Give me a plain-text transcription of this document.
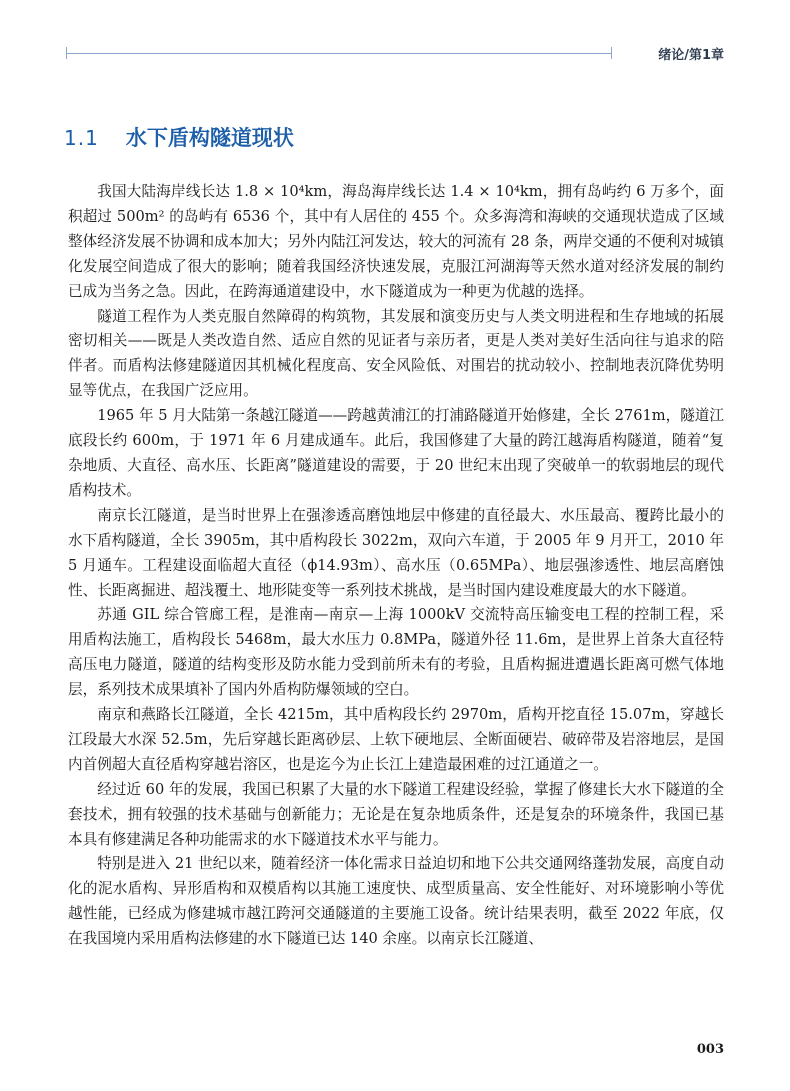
绪论/第1章
1.1 水下盾构隧道现状

我国大陆海岸线长达 1.8 × 10⁴km，海岛海岸线长达 1.4 × 10⁴km，拥有岛屿约 6 万多个，面积超过 500m² 的岛屿有 6536 个，其中有人居住的 455 个。众多海湾和海峡的交通现状造成了区域整体经济发展不协调和成本加大；另外内陆江河发达，较大的河流有 28 条，两岸交通的不便利对城镇化发展空间造成了很大的影响；随着我国经济快速发展，克服江河湖海等天然水道对经济发展的制约已成为当务之急。因此，在跨海通道建设中，水下隧道成为一种更为优越的选择。

隧道工程作为人类克服自然障碍的构筑物，其发展和演变历史与人类文明进程和生存地域的拓展密切相关——既是人类改造自然、适应自然的见证者与亲历者，更是人类对美好生活向往与追求的陪伴者。而盾构法修建隧道因其机械化程度高、安全风险低、对围岩的扰动较小、控制地表沉降优势明显等优点，在我国广泛应用。

1965 年 5 月大陆第一条越江隧道——跨越黄浦江的打浦路隧道开始修建，全长 2761m，隧道江底段长约 600m，于 1971 年 6 月建成通车。此后，我国修建了大量的跨江越海盾构隧道，随着“复杂地质、大直径、高水压、长距离”隧道建设的需要，于 20 世纪末出现了突破单一的软弱地层的现代盾构技术。

南京长江隧道，是当时世界上在强渗透高磨蚀地层中修建的直径最大、水压最高、覆跨比最小的水下盾构隧道，全长 3905m，其中盾构段长 3022m，双向六车道，于 2005 年 9 月开工，2010 年 5 月通车。工程建设面临超大直径（ϕ14.93m）、高水压（0.65MPa）、地层强渗透性、地层高磨蚀性、长距离掘进、超浅覆土、地形陡变等一系列技术挑战，是当时国内建设难度最大的水下隧道。

苏通 GIL 综合管廊工程，是淮南—南京—上海 1000kV 交流特高压输变电工程的控制工程，采用盾构法施工，盾构段长 5468m，最大水压力 0.8MPa，隧道外径 11.6m，是世界上首条大直径特高压电力隧道，隧道的结构变形及防水能力受到前所未有的考验，且盾构掘进遭遇长距离可燃气体地层，系列技术成果填补了国内外盾构防爆领域的空白。

南京和燕路长江隧道，全长 4215m，其中盾构段长约 2970m，盾构开挖直径 15.07m，穿越长江段最大水深 52.5m，先后穿越长距离砂层、上软下硬地层、全断面硬岩、破碎带及岩溶地层，是国内首例超大直径盾构穿越岩溶区，也是迄今为止长江上建造最困难的过江通道之一。

经过近 60 年的发展，我国已积累了大量的水下隧道工程建设经验，掌握了修建长大水下隧道的全套技术，拥有较强的技术基础与创新能力；无论是在复杂地质条件，还是复杂的环境条件，我国已基本具有修建满足各种功能需求的水下隧道技术水平与能力。

特别是进入 21 世纪以来，随着经济一体化需求日益迫切和地下公共交通网络蓬勃发展，高度自动化的泥水盾构、异形盾构和双模盾构以其施工速度快、成型质量高、安全性能好、对环境影响小等优越性能，已经成为修建城市越江跨河交通隧道的主要施工设备。统计结果表明，截至 2022 年底，仅在我国境内采用盾构法修建的水下隧道已达 140 余座。以南京长江隧道、

003
